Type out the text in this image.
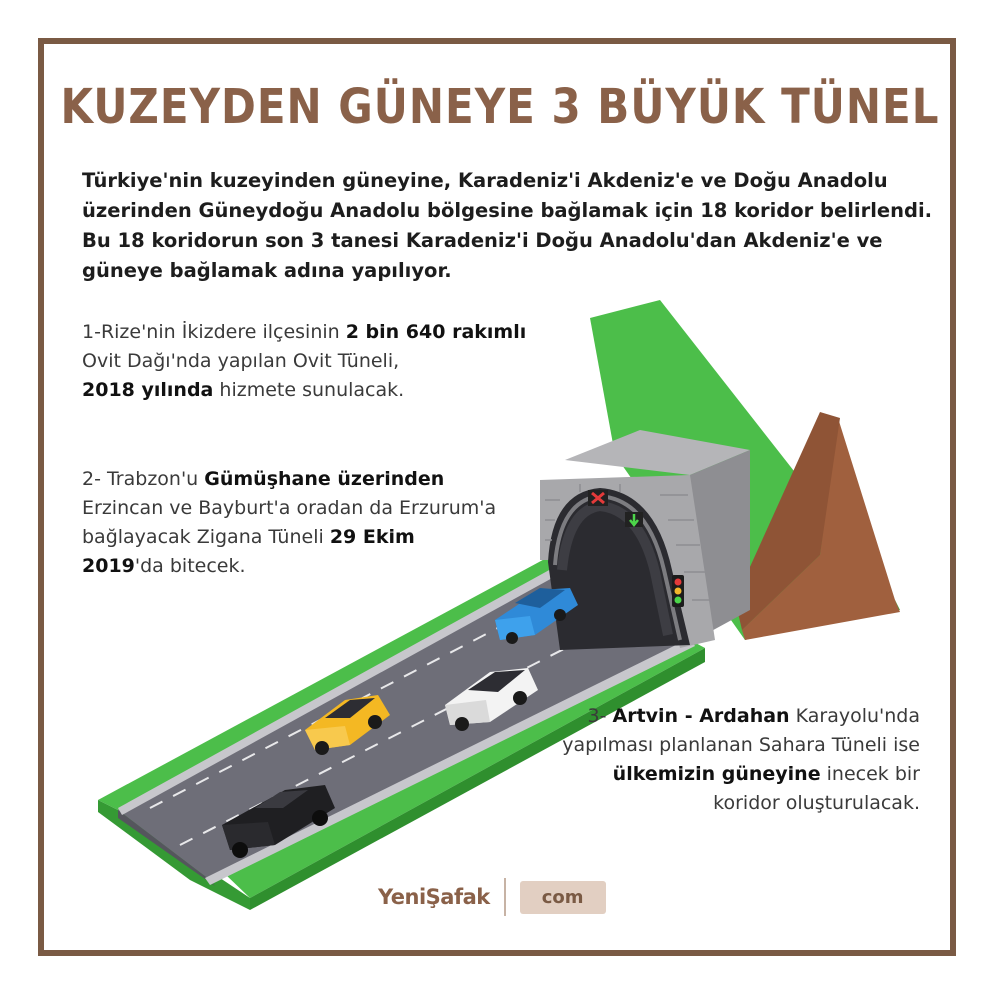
KUZEYDEN GÜNEYE 3 BÜYÜK TÜNEL

Türkiye'nin kuzeyinden güneyine, Karadeniz'i Akdeniz'e ve Doğu Anadolu üzerinden Güneydoğu Anadolu bölgesine bağlamak için 18 koridor belirlendi. Bu 18 koridorun son 3 tanesi Karadeniz'i Doğu Anadolu'dan Akdeniz'e ve güneye bağlamak adına yapılıyor.

1-Rize'nin İkizdere ilçesinin 2 bin 640 rakımlı
Ovit Dağı'nda yapılan Ovit Tüneli,
2018 yılında hizmete sunulacak.

2- Trabzon'u Gümüşhane üzerinden Erzincan ve Bayburt'a oradan da Erzurum'a bağlayacak Zigana Tüneli 29 Ekim 2019'da bitecek.

3- Artvin - Ardahan Karayolu'nda yapılması planlanan Sahara Tüneli ise ülkemizin güneyine inecek bir koridor oluşturulacak.

YeniŞafak	com
